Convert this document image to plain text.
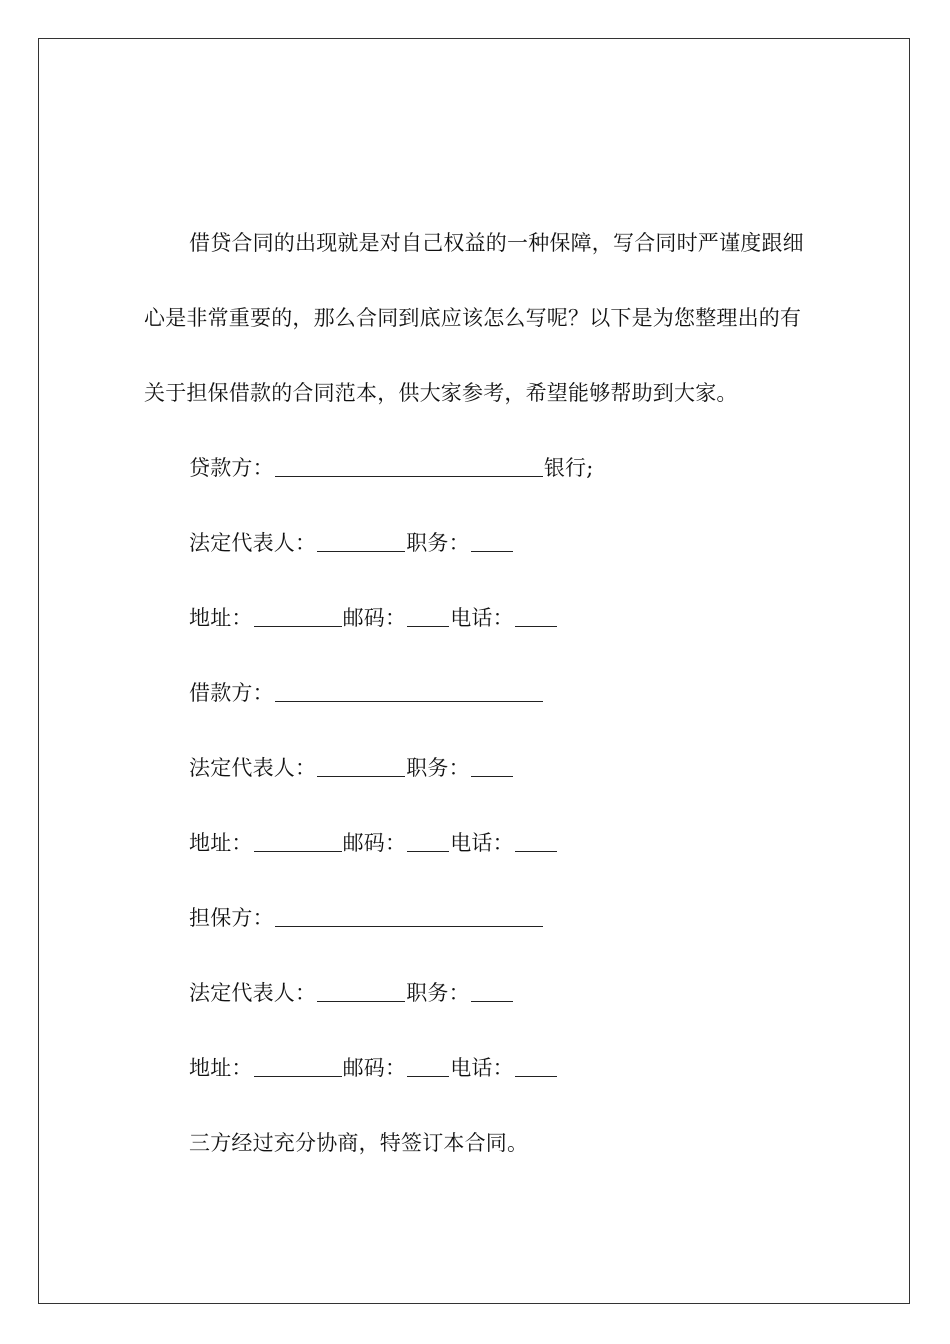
借贷合同的出现就是对自己权益的一种保障，写合同时严谨度跟细心是非常重要的，那么合同到底应该怎么写呢？以下是为您整理出的有关于担保借款的合同范本，供大家参考，希望能够帮助到大家。

贷款方：	银行;
法定代表人：	职务：
地址：	邮码： 电话：
借款方：
法定代表人：	职务：
地址：	邮码： 电话：
担保方：
法定代表人：	职务：
地址：	邮码： 电话：
三方经过充分协商，特签订本合同。
